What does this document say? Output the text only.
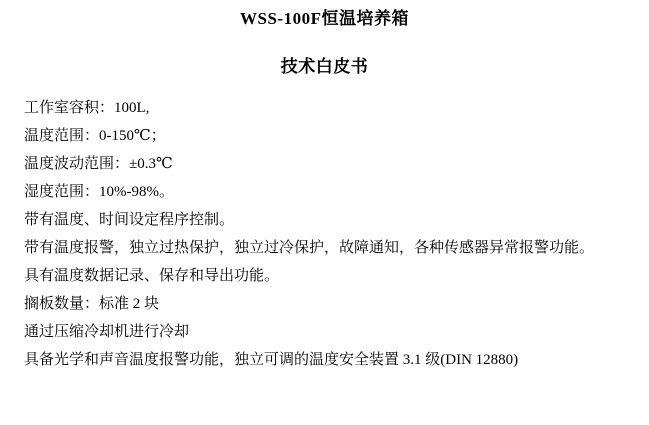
WSS-100F恒温培养箱
技术白皮书
工作室容积：100L,
温度范围：0-150℃；
温度波动范围：±0.3℃
湿度范围：10%-98%。
带有温度、时间设定程序控制。
带有温度报警，独立过热保护，独立过冷保护，故障通知，各种传感器异常报警功能。
具有温度数据记录、保存和导出功能。
搁板数量：标准 2 块
通过压缩冷却机进行冷却
具备光学和声音温度报警功能，独立可调的温度安全装置 3.1 级(DIN 12880)
